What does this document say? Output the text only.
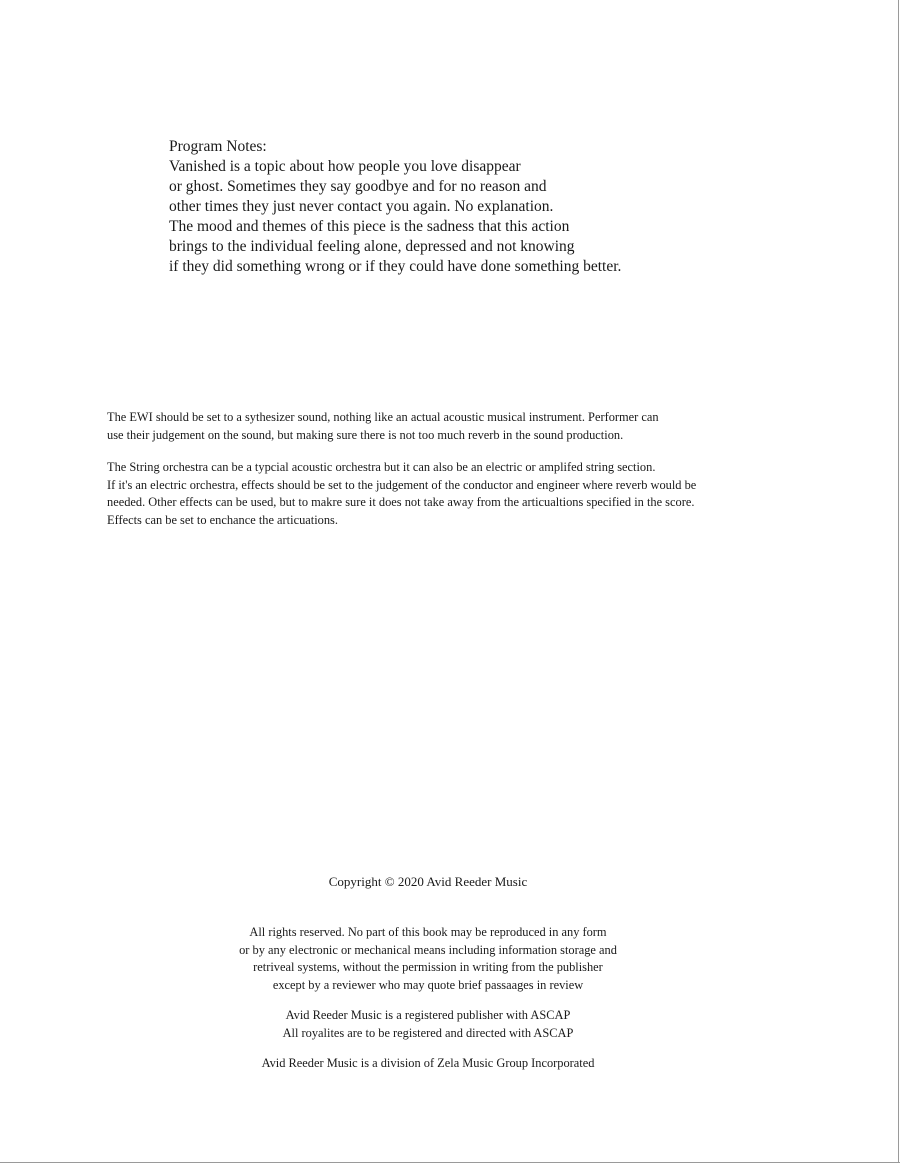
Program Notes:
Vanished is a topic about how people you love disappear
or ghost. Sometimes they say goodbye and for no reason and
other times they just never contact you again. No explanation.
The mood and themes of this piece is the sadness that this action
brings to the individual feeling alone, depressed and not knowing
if they did something wrong or if they could have done something better.
The EWI should be set to a sythesizer sound, nothing like an actual acoustic musical instrument. Performer can
use their judgement on the sound, but making sure there is not too much reverb in the sound production.
The String orchestra can be a typcial acoustic orchestra but it can also be an electric or amplifed string section.
If it's an electric orchestra, effects should be set to the judgement of the conductor and engineer where reverb would be
needed. Other effects can be used, but to makre sure it does not take away from the articualtions specified in the score.
Effects can be set to enchance the articuations.
Copyright © 2020 Avid Reeder Music
All rights reserved. No part of this book may be reproduced in any form
or by any electronic or mechanical means including information storage and
retriveal systems, without the permission in writing from the publisher
except by a reviewer who may quote brief passaages in review
Avid Reeder Music is a registered publisher with ASCAP
All royalites are to be registered and directed with ASCAP
Avid Reeder Music is a division of Zela Music Group Incorporated
